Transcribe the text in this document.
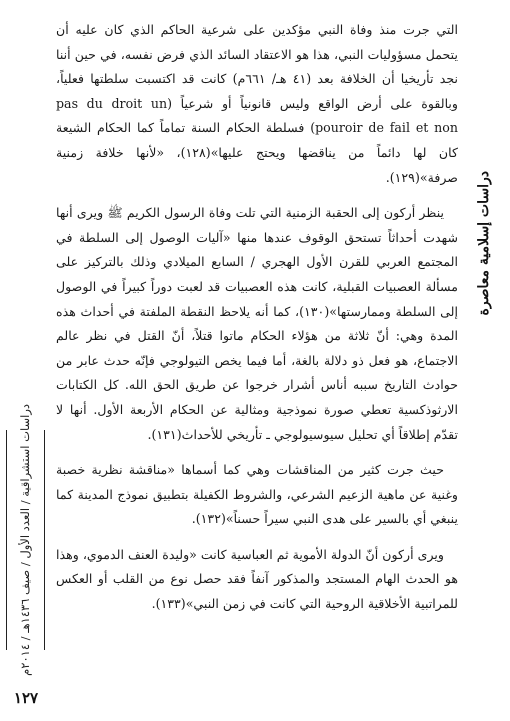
التي جرت منذ وفاة النبي مؤكدين على شرعية الحاكم الذي كان عليه أن يتحمل مسؤوليات النبي، هذا هو الاعتقاد السائد الذي فرض نفسه، في حين أننا نجد تأريخيا أن الخلافة بعد (٤١ هـ/ ٦٦١م) كانت قد اكتسبت سلطتها فعلياً، وبالقوة على أرض الواقع وليس قانونياً أو شرعياً (pas du droit un pouroir de fail et non) فسلطة الحكام السنة تماماً كما الحكام الشيعة كان لها دائماً من يناقضها ويحتج عليها»(١٢٨)، «لأنها خلافة زمنية صرفة»(١٢٩).

ينظر أركون إلى الحقبة الزمنية التي تلت وفاة الرسول الكريم ﷺ ويرى أنها شهدت أحداثاً تستحق الوقوف عندها منها «آليات الوصول إلى السلطة في المجتمع العربي للقرن الأول الهجري / السابع الميلادي وذلك بالتركيز على مسألة العصبيات القبلية، كانت هذه العصبيات قد لعبت دوراً كبيراً في الوصول إلى السلطة وممارستها»(١٣٠)، كما أنه يلاحظ النقطة الملفتة في أحداث هذه المدة وهي: أنّ ثلاثة من هؤلاء الحكام ماتوا قتلاً، أنّ القتل في نظر عالم الاجتماع، هو فعل ذو دلالة بالغة، أما فيما يخص التيولوجي فإنّه حدث عابر من حوادث التاريخ سببه أناس أشرار خرجوا عن طريق الحق الله. كل الكتابات الارثوذكسية تعطي صورة نموذجية ومثالية عن الحكام الأربعة الأول. أنها لا تقدّم إطلاقاً أي تحليل سيوسيولوجي ـ تأريخي للأحداث(١٣١).

حيث جرت كثير من المناقشات وهي كما أسماها «مناقشة نظرية خصبة وغنية عن ماهية الزعيم الشرعي، والشروط الكفيلة بتطبيق نموذج المدينة كما ينبغي أي بالسير على هدى النبي سيراً حسناً»(١٣٢).

ويرى أركون أنّ الدولة الأموية ثم العباسية كانت «وليدة العنف الدموي، وهذا هو الحدث الهام المستجد والمذكور آنفاً فقد حصل نوع من القلب أو العكس للمراتبية الأخلاقية الروحية التي كانت في زمن النبي»(١٣٣).

دراسات إسلامية معاصرة
دراسات استشراقية / العدد الأول / صيف ١٤٣٦هـ / ٢٠١٤م
١٢٧
